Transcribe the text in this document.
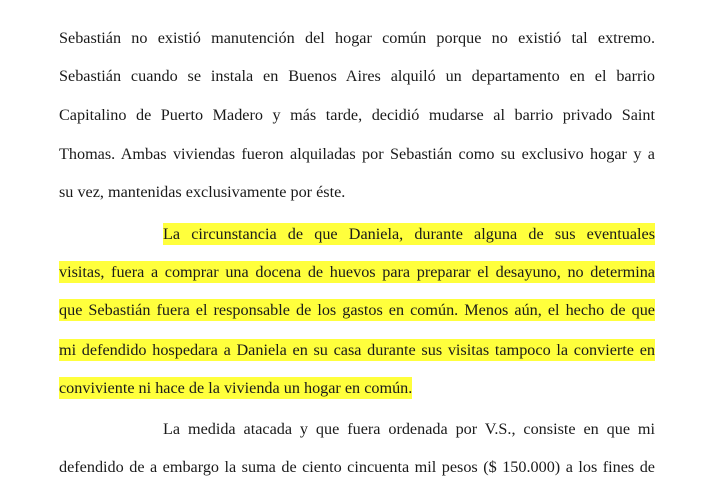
Sebastián no existió manutención del hogar común porque no existió tal extremo.
Sebastián cuando se instala en Buenos Aires alquiló un departamento en el barrio
Capitalino de Puerto Madero y más tarde, decidió mudarse al barrio privado Saint
Thomas. Ambas viviendas fueron alquiladas por Sebastián como su exclusivo hogar y a
su vez, mantenidas exclusivamente por éste.
La circunstancia de que Daniela, durante alguna de sus eventuales
visitas, fuera a comprar una docena de huevos para preparar el desayuno, no determina
que Sebastián fuera el responsable de los gastos en común. Menos aún, el hecho de que
mi defendido hospedara a Daniela en su casa durante sus visitas tampoco la convierte en
conviviente ni hace de la vivienda un hogar en común.
La medida atacada y que fuera ordenada por V.S., consiste en que mi
defendido de a embargo la suma de ciento cincuenta mil pesos ($ 150.000) a los fines de
